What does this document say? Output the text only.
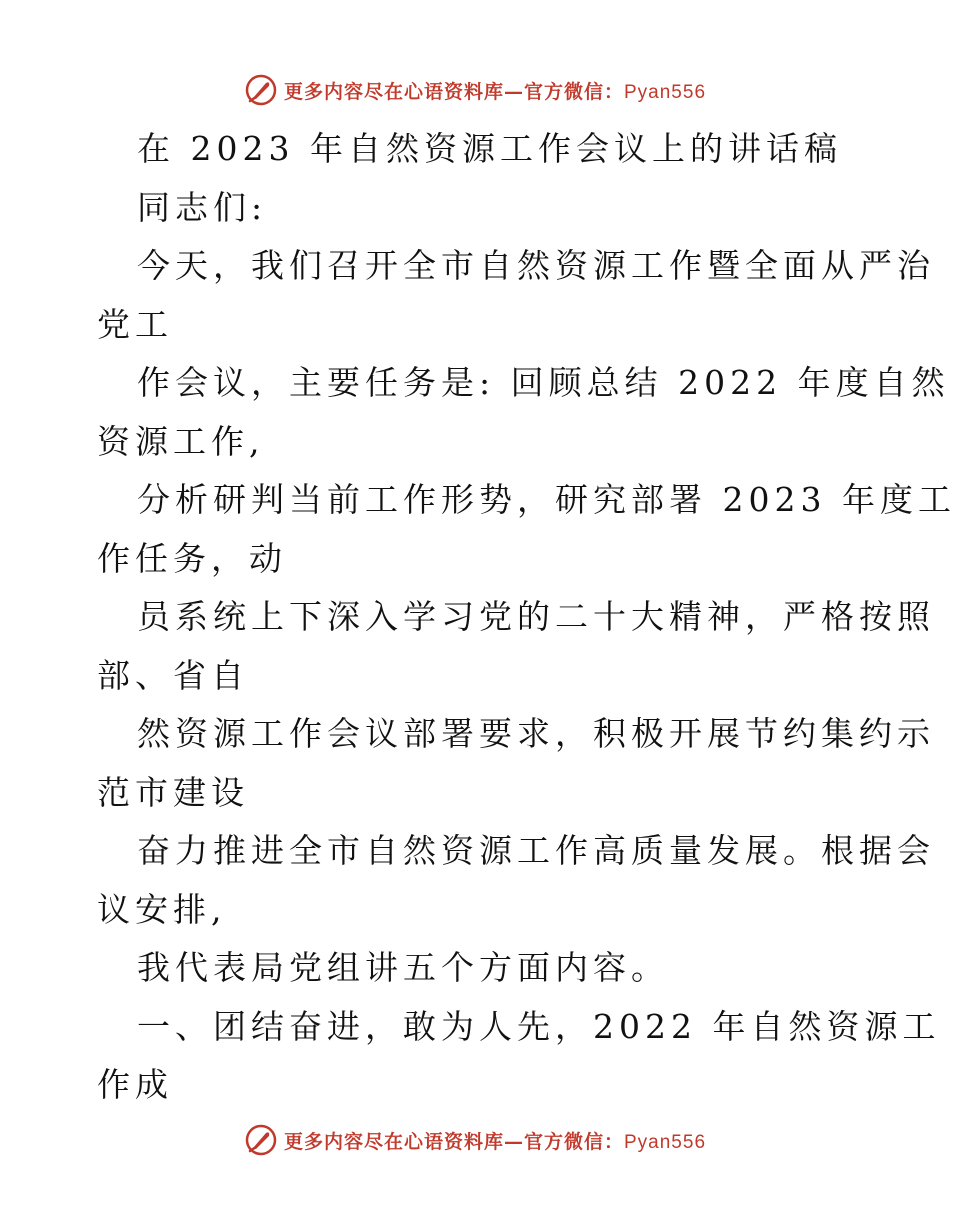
更多内容尽在心语资料库—官方微信：Pyan556
在 2023 年自然资源工作会议上的讲话稿
同志们:
今天，我们召开全市自然资源工作暨全面从严治
党工
作会议，主要任务是: 回顾总结 2022 年度自然
资源工作,
分析研判当前工作形势，研究部署 2023 年度工
作任务，动
员系统上下深入学习党的二十大精神，严格按照
部、省自
然资源工作会议部署要求，积极开展节约集约示
范市建设
奋力推进全市自然资源工作高质量发展。根据会
议安排,
我代表局党组讲五个方面内容。
一、团结奋进，敢为人先，2022 年自然资源工
作成
更多内容尽在心语资料库—官方微信：Pyan556
